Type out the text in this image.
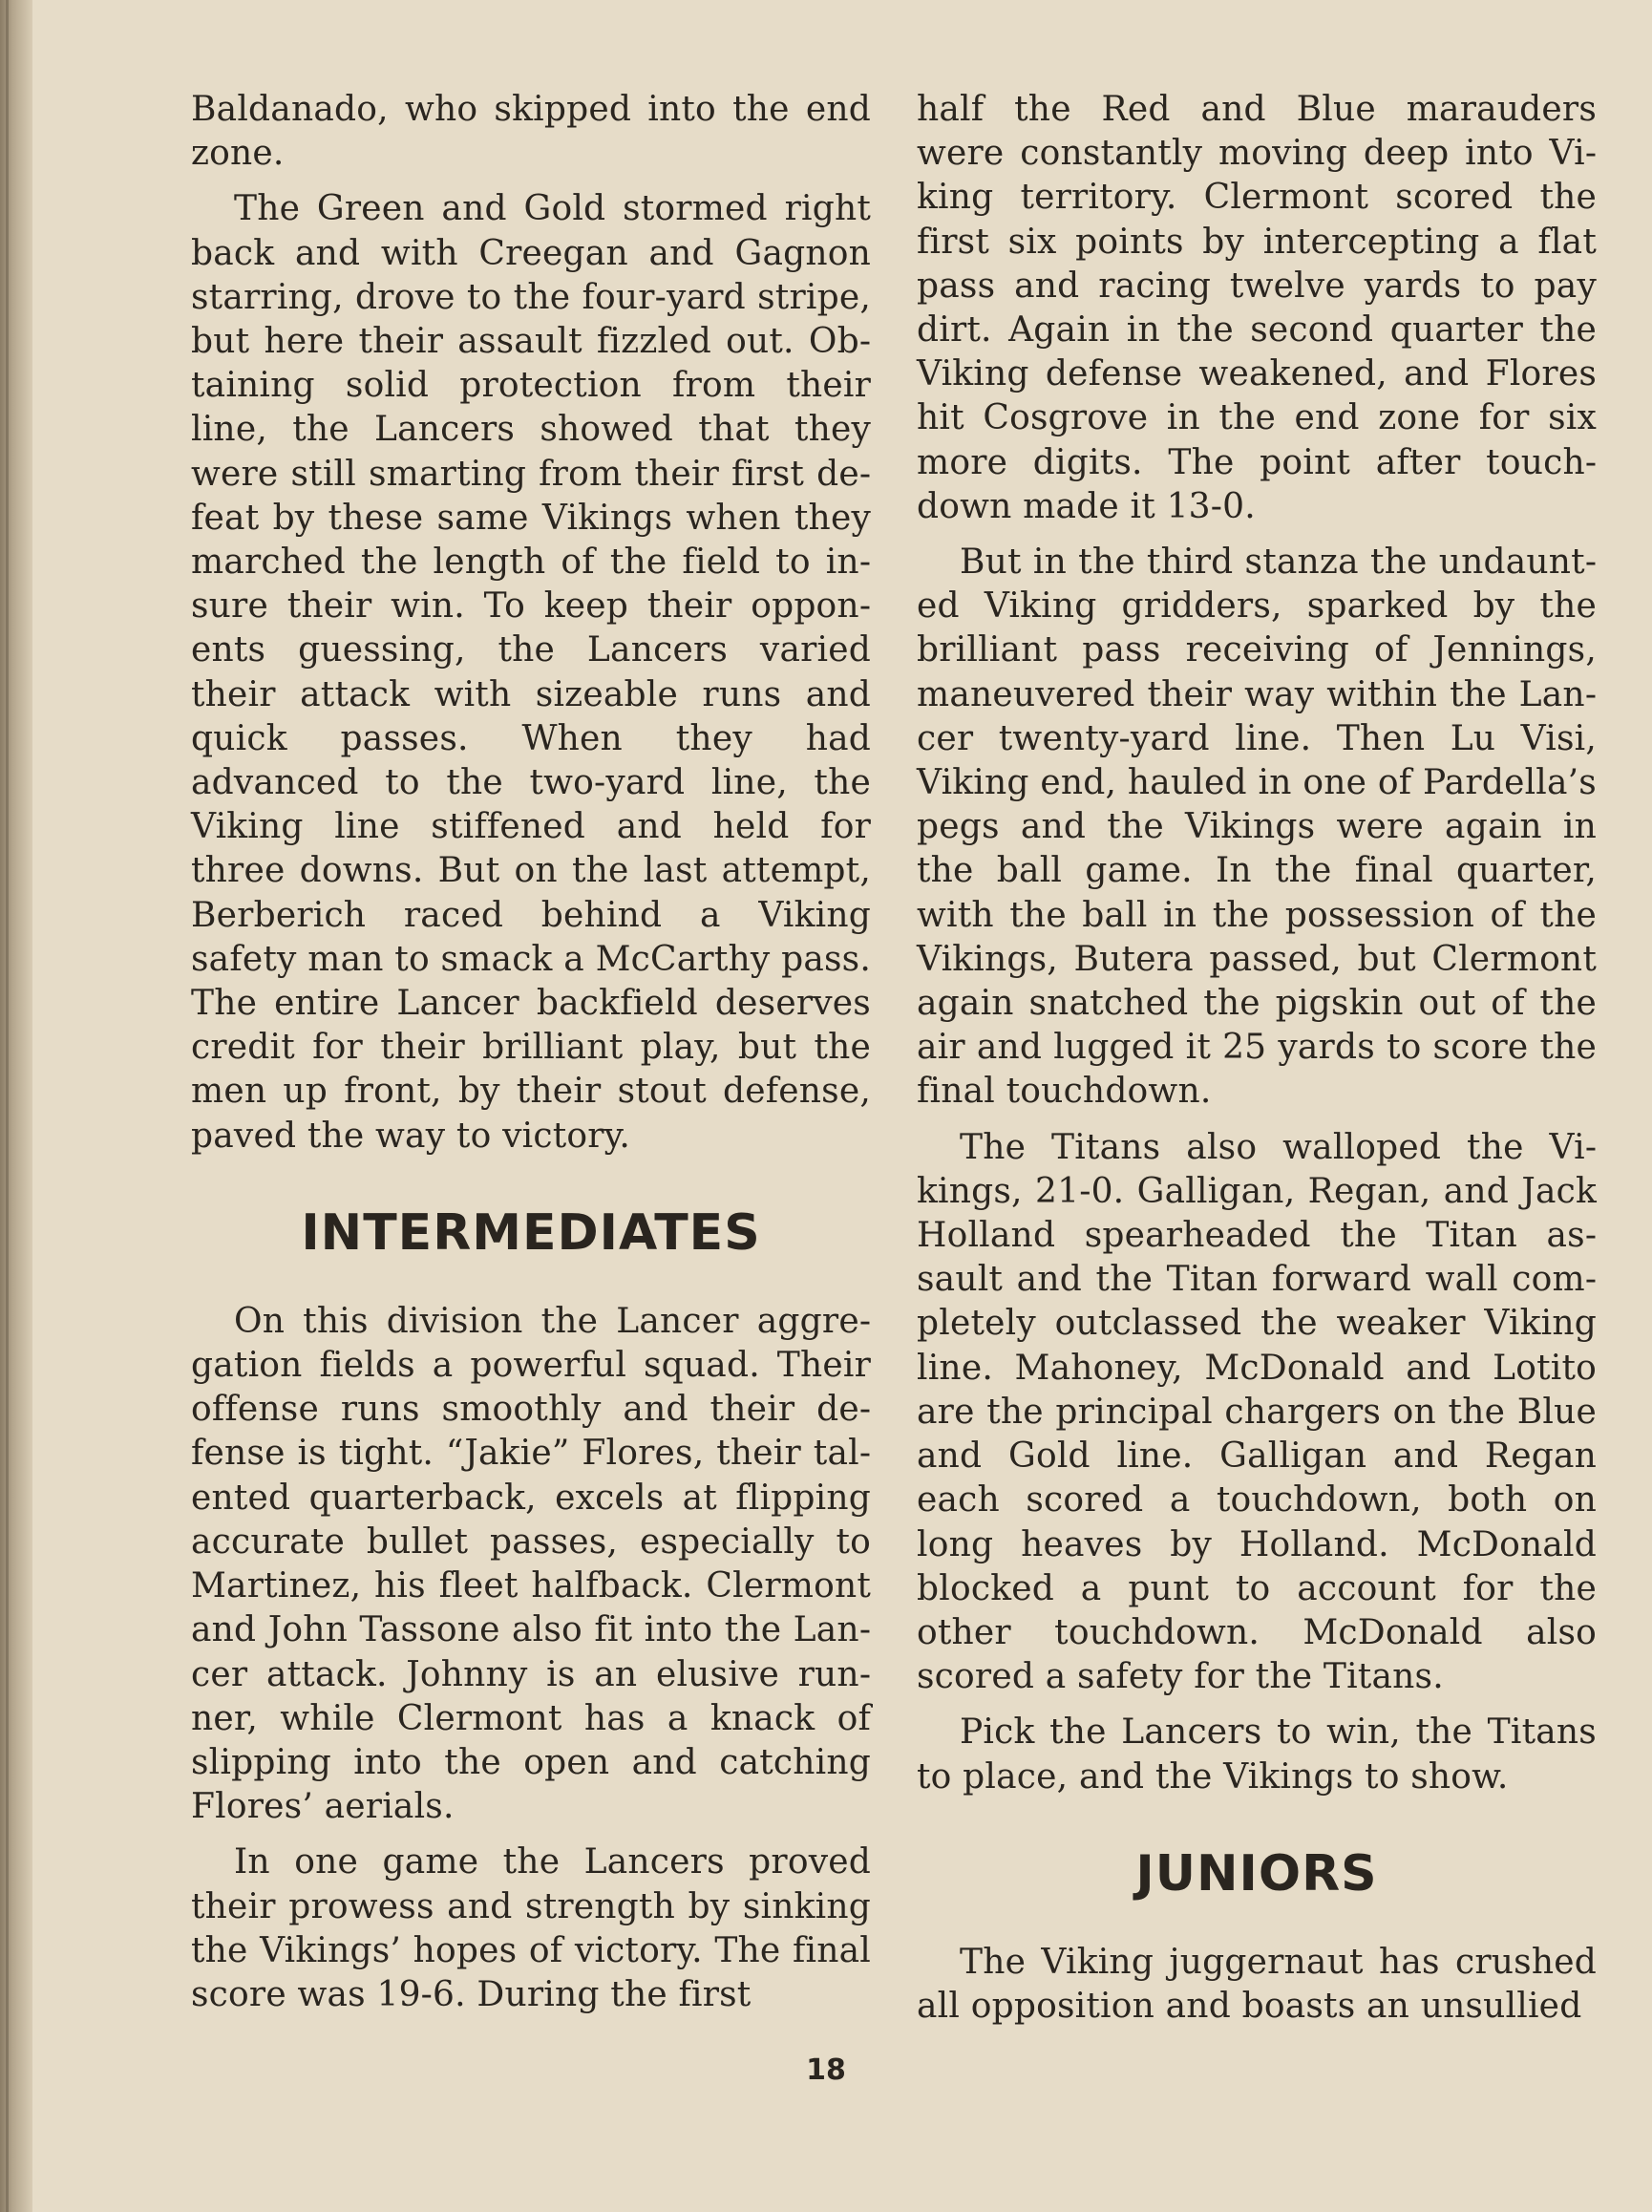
Baldanado, who skipped into the end zone.

The Green and Gold stormed right back and with Creegan and Gagnon starring, drove to the four-yard stripe, but here their assault fizzled out. Obtaining solid protection from their line, the Lancers showed that they were still smarting from their first defeat by these same Vikings when they marched the length of the field to insure their win. To keep their opponents guessing, the Lancers varied their attack with sizeable runs and quick passes. When they had advanced to the two-yard line, the Viking line stiffened and held for three downs. But on the last attempt, Berberich raced behind a Viking safety man to smack a McCarthy pass. The entire Lancer backfield deserves credit for their brilliant play, but the men up front, by their stout defense, paved the way to victory.

INTERMEDIATES

On this division the Lancer aggregation fields a powerful squad. Their offense runs smoothly and their defense is tight. “Jakie” Flores, their talented quarterback, excels at flipping accurate bullet passes, especially to Martinez, his fleet halfback. Clermont and John Tassone also fit into the Lancer attack. Johnny is an elusive runner, while Clermont has a knack of slipping into the open and catching Flores’ aerials.

In one game the Lancers proved their prowess and strength by sinking the Vikings’ hopes of victory. The final score was 19-6. During the first

half the Red and Blue marauders were constantly moving deep into Viking territory. Clermont scored the first six points by intercepting a flat pass and racing twelve yards to pay dirt. Again in the second quarter the Viking defense weakened, and Flores hit Cosgrove in the end zone for six more digits. The point after touchdown made it 13-0.

But in the third stanza the undaunted Viking gridders, sparked by the brilliant pass receiving of Jennings, maneuvered their way within the Lancer twenty-yard line. Then Lu Visi, Viking end, hauled in one of Pardella’s pegs and the Vikings were again in the ball game. In the final quarter, with the ball in the possession of the Vikings, Butera passed, but Clermont again snatched the pigskin out of the air and lugged it 25 yards to score the final touchdown.

The Titans also walloped the Vikings, 21-0. Galligan, Regan, and Jack Holland spearheaded the Titan assault and the Titan forward wall completely outclassed the weaker Viking line. Mahoney, McDonald and Lotito are the principal chargers on the Blue and Gold line. Galligan and Regan each scored a touchdown, both on long heaves by Holland. McDonald blocked a punt to account for the other touchdown. McDonald also scored a safety for the Titans.

Pick the Lancers to win, the Titans to place, and the Vikings to show.

JUNIORS

The Viking juggernaut has crushed all opposition and boasts an unsullied

18
